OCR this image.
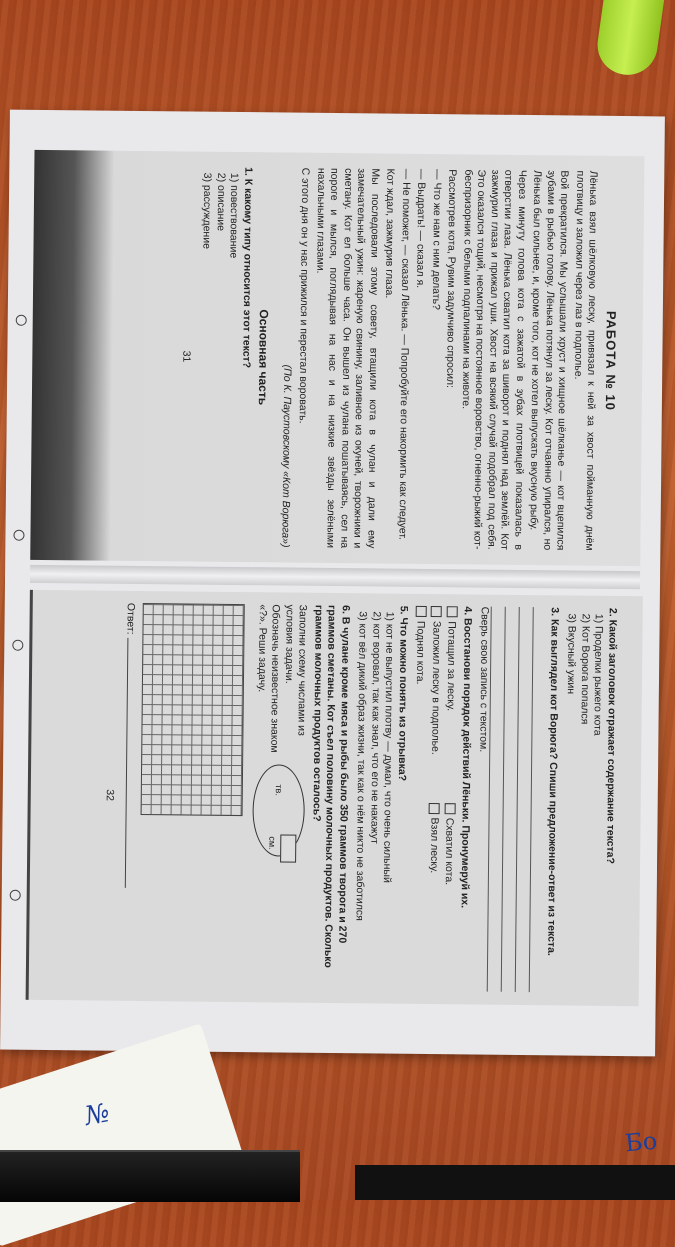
РАБОТА № 10

Лёнька взял шёлковую леску, привязал к ней за хвост пойманную днём плотвицу и заложил через лаз в подполье.

Вой прекратился. Мы услышали хруст и хищное шёлканье — кот вцепился зубами в рыбью голову. Лёнька потянул за леску. Кот отчаянно упирался, но Лёнька был сильнее, и, кроме того, кот не хотел выпускать вкусную рыбу.

Через минуту голова кота с зажатой в зубах плотвицей показалась в отверстии лаза. Лёнька схватил кота за шиворот и поднял над землёй. Кот зажмурил глаза и прижал уши. Хвост на всякий случай подобрал под себя. Это оказался тощий, несмотря на постоянное воровство, огненно-рыжий кот-беспризорник с белыми подпалинами на животе.

Рассмотрев кота, Рувим задумчиво спросил:

— Что же нам с ним делать?

— Выдрать! — сказал я.

— Не поможет, — сказал Лёнька. — Попробуйте его накормить как следует.

Кот ждал, зажмурив глаза.

Мы последовали этому совету, втащили кота в чулан и дали ему замечательный ужин: жареную свинину, заливное из окуней, творожники и сметану. Кот ел больше часа. Он вышел из чулана пошатываясь, сел на пороге и мылся, поглядывая на нас и на низкие звёзды зелёными нахальными глазами.

С этого дня он у нас прижился и перестал воровать.

(По К. Паустовскому «Кот Ворюга»)
Основная часть
1. К какому типу относится этот текст?
1) повествование
2) описание
3) рассуждение
31
2. Какой заголовок отражает содержание текста?
1) Проделки рыжего кота
2) Кот Ворюга попался
3) Вкусный ужин
3. Как выглядел кот Ворюга? Спиши предложение-ответ из текста.
Сверь свою запись с текстом.
4. Восстанови порядок действий Лёньки. Пронумеруй их.
Потащил за леску.
Схватил кота.
Заложил леску в подполье.
Взял леску.
Поднял кота.
5. Что можно понять из отрывка?
1) кот не выпустил плотву — думал, что очень сильный
2) кот воровал, так как знал, что его не накажут
3) кот вёл дикий образ жизни, так как о нём никто не заботился
6. В чулане кроме мяса и рыбы было 350 граммов творога и 270 граммов сметаны. Кот съел половину молочных продуктов. Сколько граммов молочных продуктов осталось?
Заполни схему числами из условия задачи.
Обозначь неизвестное знаком «?». Реши задачу.
тв.
см.
Ответ:
32
№
Бо
